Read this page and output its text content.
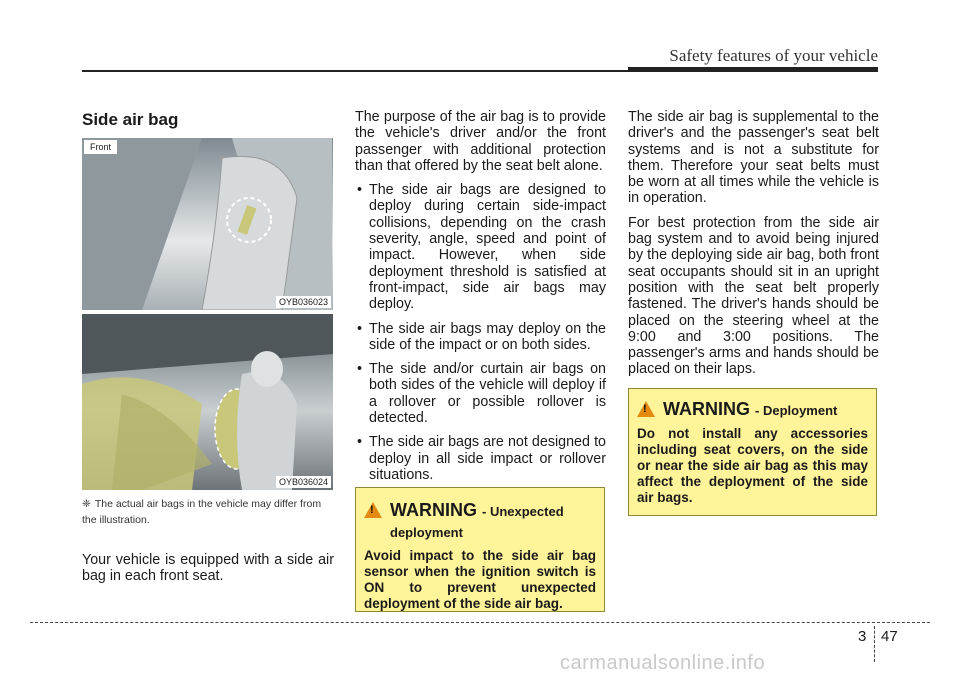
Safety features of your vehicle
Side air bag
Front
OYB036023
OYB036024
❈ The actual air bags in the vehicle may differ from the illustration.
Your vehicle is equipped with a side air bag in each front seat.
The purpose of the air bag is to provide the vehicle's driver and/or the front passenger with additional protection than that offered by the seat belt alone.
• The side air bags are designed to deploy during certain side-impact collisions, depending on the crash severity, angle, speed and point of impact. However, when side deployment threshold is satisfied at front-impact, side air bags may deploy.
• The side air bags may deploy on the side of the impact or on both sides.
• The side and/or curtain air bags on both sides of the vehicle will deploy if a rollover or possible rollover is detected.
• The side air bags are not designed to deploy in all side impact or rollover situations.
!
WARNING - Unexpected deployment
Avoid impact to the side air bag sensor when the ignition switch is ON to prevent unexpected deployment of the side air bag.

The side air bag is supplemental to the driver's and the passenger's seat belt systems and is not a substitute for them. Therefore your seat belts must be worn at all times while the vehicle is in operation.

For best protection from the side air bag system and to avoid being injured by the deploying side air bag, both front seat occupants should sit in an upright position with the seat belt properly fastened. The driver's hands should be placed on the steering wheel at the 9:00 and 3:00 positions. The passenger's arms and hands should be placed on their laps.

!
WARNING - Deployment
Do not install any accessories including seat covers, on the side or near the side air bag as this may affect the deployment of the side air bags.
3 47
carmanualsonline.info
